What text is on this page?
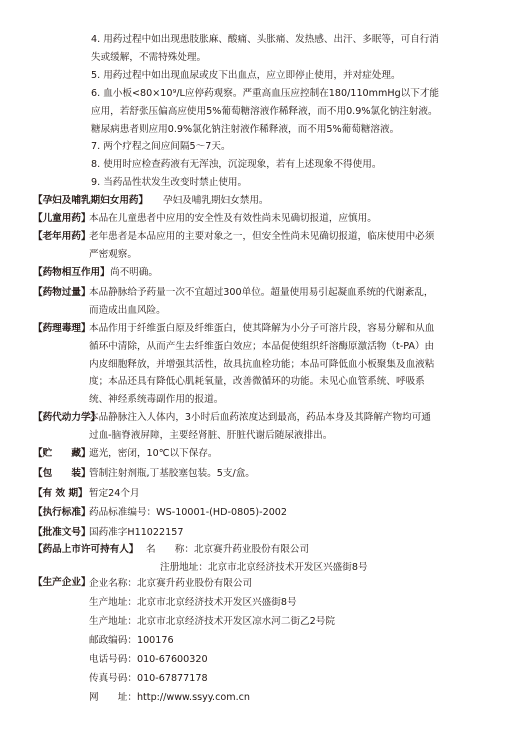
4. 用药过程中如出现患肢胀麻、酸痛、头胀痛、发热感、出汗、多眠等，可自行消
失或缓解，不需特殊处理。
5. 用药过程中如出现血尿或皮下出血点，应立即停止使用，并对症处理。
6. 血小板<80×10⁹/L应停药观察。严重高血压应控制在180/110mmHg以下才能
应用，若舒张压偏高应使用5%葡萄糖溶液作稀释液，而不用0.9%氯化钠注射液。
糖尿病患者则应用0.9%氯化钠注射液作稀释液，而不用5%葡萄糖溶液。
7. 两个疗程之间应间隔5～7天。
8. 使用时应检查药液有无浑浊，沉淀现象，若有上述现象不得使用。
9. 当药品性状发生改变时禁止使用。
【孕妇及哺乳期妇女用药】 孕妇及哺乳期妇女禁用。
【儿童用药】
本品在儿童患者中应用的安全性及有效性尚未见确切报道，应慎用。
【老年用药】
老年患者是本品应用的主要对象之一，但安全性尚未见确切报道，临床使用中必须
严密观察。
【药物相互作用】 尚不明确。
【药物过量】
本品静脉给予药量一次不宜超过300单位。超量使用易引起凝血系统的代谢紊乱，
而造成出血风险。
【药理毒理】
本品作用于纤维蛋白原及纤维蛋白，使其降解为小分子可溶片段，容易分解和从血
循环中清除，从而产生去纤维蛋白效应；本品促使组织纤溶酶原激活物（t-PA）由
内皮细胞释放，并增强其活性，故具抗血栓功能；本品可降低血小板聚集及血液粘
度；本品还具有降低心肌耗氧量，改善微循环的功能。未见心血管系统、呼吸系
统、神经系统毒副作用的报道。
【药代动力学】
本品静脉注入人体内，3小时后血药浓度达到最高，药品本身及其降解产物均可通
过血-脑脊液屏障，主要经肾脏、肝脏代谢后随尿液排出。
【贮　　藏】
遮光，密闭，10℃以下保存。
【包　　装】
管制注射剂瓶,丁基胶塞包装。5支/盒。
【有 效 期】 暂定24个月
【执行标准】
药品标准编号：WS-10001-(HD-0805)-2002
【批准文号】
国药准字H11022157
【药品上市许可持有人】 名　　称：北京赛升药业股份有限公司
注册地址：北京市北京经济技术开发区兴盛街8号
【生产企业】
企业名称：北京赛升药业股份有限公司
生产地址：北京市北京经济技术开发区兴盛街8号
生产地址：北京市北京经济技术开发区凉水河二街乙2号院
邮政编码：100176
电话号码：010-67600320
传真号码：010-67877178
网　　址：http://www.ssyy.com.cn
